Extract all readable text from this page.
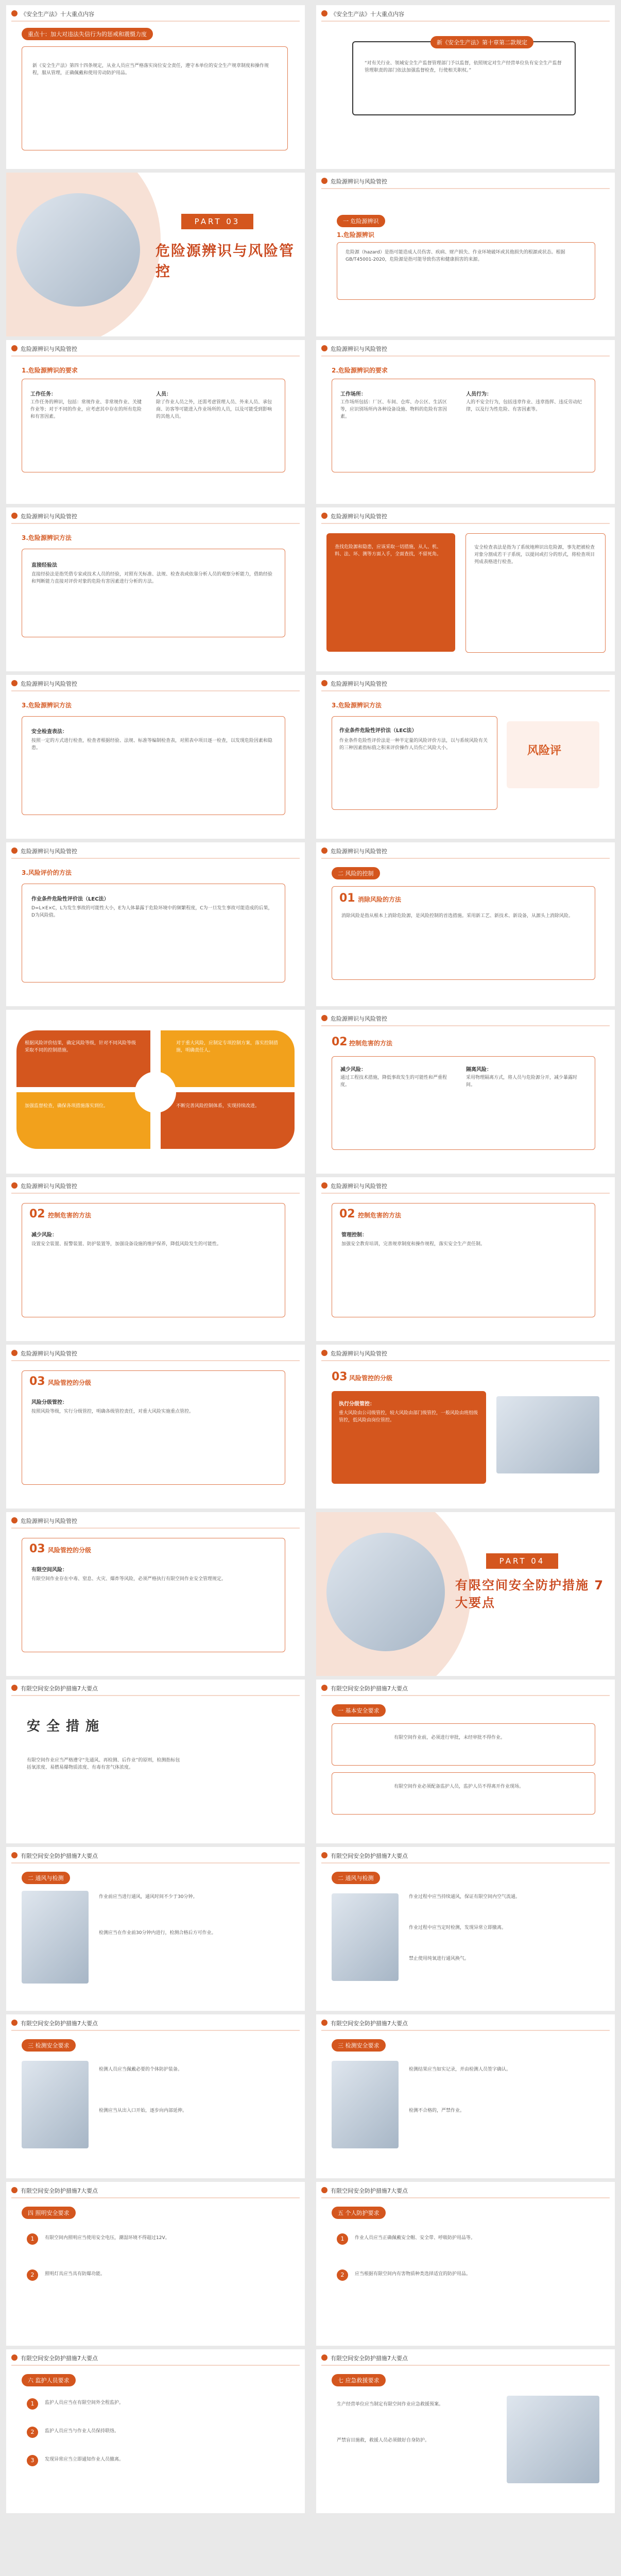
《安全生产法》十大重点内容
重点十：加大对违法失信行为的惩戒和震慑力度
新《安全生产法》第四十四条规定，从业人员应当严格落实岗位安全责任，遵守本单位的安全生产规章制度和操作规程，服从管理，正确佩戴和使用劳动防护用品。
《安全生产法》十大重点内容
新《安全生产法》第十章第二款规定
“对有关行业、领域安全生产监督管理部门予以监督，依照规定对生产经营单位负有安全生产监督管理职责的部门依法加强监督检查，行使相关职权。”
PART 03
危险源辨识与风险管控
危险源辨识与风险管控
一 危险源辨识
1.危险源辨识
危险源（hazard）是指可能造成人员伤害、疾病、财产损失、作业环境破坏或其他损失的根源或状态。根据GB/T45001-2020，危险源是指可能导致伤害和健康损害的来源。
危险源辨识与风险管控
1.危险源辨识的要求
工作任务：
工作任务的辨识，包括：常规作业、非常规作业、关键作业等；对于不同的作业，应考虑其中存在的所有危险和有害因素。
人员：
除了作业人员之外，还需考虑管理人员、外来人员、承包商、访客等可能进入作业场所的人员，以及可能受到影响的其他人员。
危险源辨识与风险管控
2.危险源辨识的要求
工作场所：
工作场所包括：厂区、车间、仓库、办公区、生活区等，应识别场所内各种设备设施、物料的危险有害因素。
人员行为：
人的不安全行为，包括违章作业、违章指挥、违反劳动纪律，以及行为性危险、有害因素等。
危险源辨识与风险管控
3.危险源辨识方法
直接经验法
直接经验法是指凭借专家或技术人员的经验，对照有关标准、法规、检查表或依靠分析人员的观察分析能力，借助经验和判断能力直接对评价对象的危险有害因素进行分析的方法。
危险源辨识与风险管控
查找危险源和隐患，应该采取一切措施，从人、机、料、法、环、测等方面入手，全面查找，不留死角。
安全检查表法是指为了系统地辨识出危险源，事先把被检查对象分割成若干子系统，以提问或打分的形式，将检查项目列成表格进行检查。
危险源辨识与风险管控
3.危险源辨识方法
安全检查表法：
按照一定的方式进行检查，检查者根据经验、法规、标准等编制检查表，对照表中项目逐一检查，以发现危险因素和隐患。
危险源辨识与风险管控
3.危险源辨识方法
作业条件危险性评价法（LEC法）
作业条件危险性评价法是一种半定量的风险评价方法，以与系统风险有关的三种因素指标值之积来评价操作人员伤亡风险大小。	风险评
危险源辨识与风险管控
3.风险评价的方法
作业条件危险性评价法（LEC法）
D=L×E×C，L为发生事故的可能性大小，E为人体暴露于危险环境中的频繁程度，C为一旦发生事故可能造成的后果，D为风险值。
危险源辨识与风险管控
二 风险的控制
01 消除风险的方法
消除风险是指从根本上消除危险源，是风险控制的首选措施。采用新工艺、新技术、新设备，从源头上消除风险。
根据风险评价结果，确定风险等级，针对不同风险等级采取不同的控制措施。
对于重大风险，应制定专项控制方案，落实控制措施，明确责任人。
加强监督检查，确保各项措施落实到位。	不断完善风险控制体系，实现持续改进。
危险源辨识与风险管控
02 控制危害的方法
减少风险：
通过工程技术措施，降低事故发生的可能性和严重程度。
隔离风险：
采用物理隔离方式，将人员与危险源分开，减少暴露时间。
危险源辨识与风险管控
02 控制危害的方法
减少风险：
设置安全装置、报警装置、防护装置等，加强设备设施的维护保养，降低风险发生的可能性。
危险源辨识与风险管控
02 控制危害的方法
管理控制：
加强安全教育培训，完善规章制度和操作规程，落实安全生产责任制。
危险源辨识与风险管控
03 风险管控的分级
风险分级管控：
按照风险等级，实行分级管控，明确各级管控责任，对重大风险实施重点管控。
危险源辨识与风险管控
03 风险管控的分级
执行分级管控：
重大风险由公司级管控，较大风险由部门级管控，一般风险由班组级管控，低风险由岗位管控。
危险源辨识与风险管控
03 风险管控的分级
有限空间风险：
有限空间作业存在中毒、窒息、火灾、爆炸等风险，必须严格执行有限空间作业安全管理规定。
PART 04
有限空间安全防护措施 7大要点
有限空间安全防护措施7大要点
安全措施
有限空间作业应当严格遵守“先通风、再检测、后作业”的原则，检测指标包括氧浓度、易燃易爆物质浓度、有毒有害气体浓度。
有限空间安全防护措施7大要点
一 基本安全要求
有限空间作业前，必须进行审批，未经审批不得作业。
有限空间作业必须配备监护人员，监护人员不得离开作业现场。
有限空间安全防护措施7大要点
二 通风与检测
作业前应当进行通风，通风时间不少于30分钟。
检测应当在作业前30分钟内进行，检测合格后方可作业。
有限空间安全防护措施7大要点
二 通风与检测
作业过程中应当持续通风，保证有限空间内空气流通。
作业过程中应当定时检测，发现异常立即撤离。
禁止使用纯氧进行通风换气。
有限空间安全防护措施7大要点
三 检测安全要求
检测人员应当佩戴必要的个体防护装备。
检测应当从出入口开始，逐步向内部延伸。
有限空间安全防护措施7大要点
三 检测安全要求
检测结果应当如实记录，并由检测人员签字确认。
检测不合格的，严禁作业。
有限空间安全防护措施7大要点
四 照明安全要求
1	有限空间内照明应当使用安全电压，潮湿环境不得超过12V。
2	照明灯具应当具有防爆功能。
有限空间安全防护措施7大要点
五 个人防护要求
1	作业人员应当正确佩戴安全帽、安全带、呼吸防护用品等。
2	应当根据有限空间内有害物质种类选择适宜的防护用品。
有限空间安全防护措施7大要点
六 监护人员要求
1	监护人员应当在有限空间外全程监护。
2	监护人员应当与作业人员保持联络。
3	发现异常应当立即通知作业人员撤离。
有限空间安全防护措施7大要点
七 应急救援要求
生产经营单位应当制定有限空间作业应急救援预案。
严禁盲目施救，救援人员必须做好自身防护。
